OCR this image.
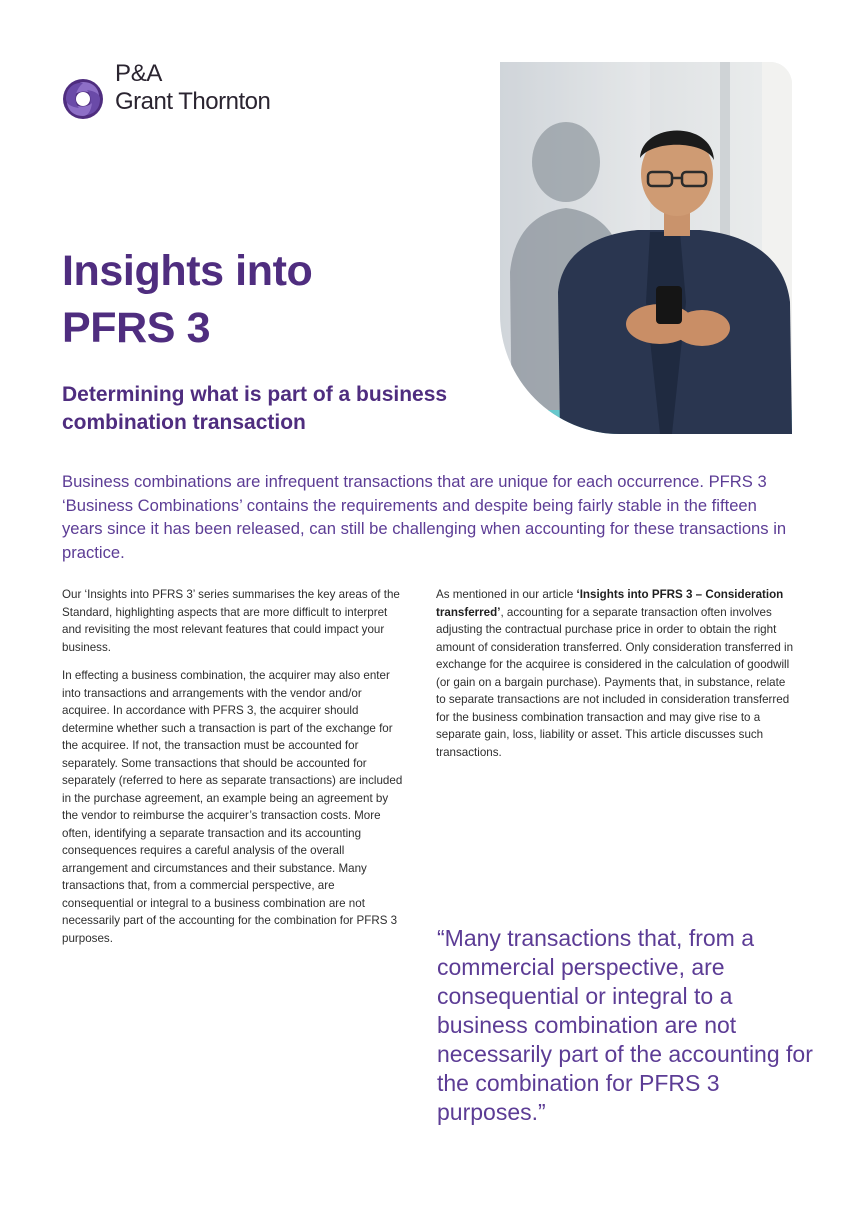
P&A
Grant Thornton
Insights into
PFRS 3
Determining what is part of a business combination transaction

Business combinations are infrequent transactions that are unique for each occurrence. PFRS 3 ‘Business Combinations’ contains the requirements and despite being fairly stable in the fifteen years since it has been released, can still be challenging when accounting for these transactions in practice.

Our ‘Insights into PFRS 3’ series summarises the key areas of the Standard, highlighting aspects that are more difficult to interpret and revisiting the most relevant features that could impact your business.

In effecting a business combination, the acquirer may also enter into transactions and arrangements with the vendor and/or acquiree. In accordance with PFRS 3, the acquirer should determine whether such a transaction is part of the exchange for the acquiree. If not, the transaction must be accounted for separately. Some transactions that should be accounted for separately (referred to here as separate transactions) are included in the purchase agreement, an example being an agreement by the vendor to reimburse the acquirer’s transaction costs. More often, identifying a separate transaction and its accounting consequences requires a careful analysis of the overall arrangement and circumstances and their substance. Many transactions that, from a commercial perspective, are consequential or integral to a business combination are not necessarily part of the accounting for the combination for PFRS 3 purposes.

As mentioned in our article ‘Insights into PFRS 3 – Consideration transferred’, accounting for a separate transaction often involves adjusting the contractual purchase price in order to obtain the right amount of consideration transferred. Only consideration transferred in exchange for the acquiree is considered in the calculation of goodwill (or gain on a bargain purchase). Payments that, in substance, relate to separate transactions are not included in consideration transferred for the business combination transaction and may give rise to a separate gain, loss, liability or asset. This article discusses such transactions.

“Many transactions that, from a commercial perspective, are consequential or integral to a business combination are not necessarily part of the accounting for the combination for PFRS 3 purposes.”
